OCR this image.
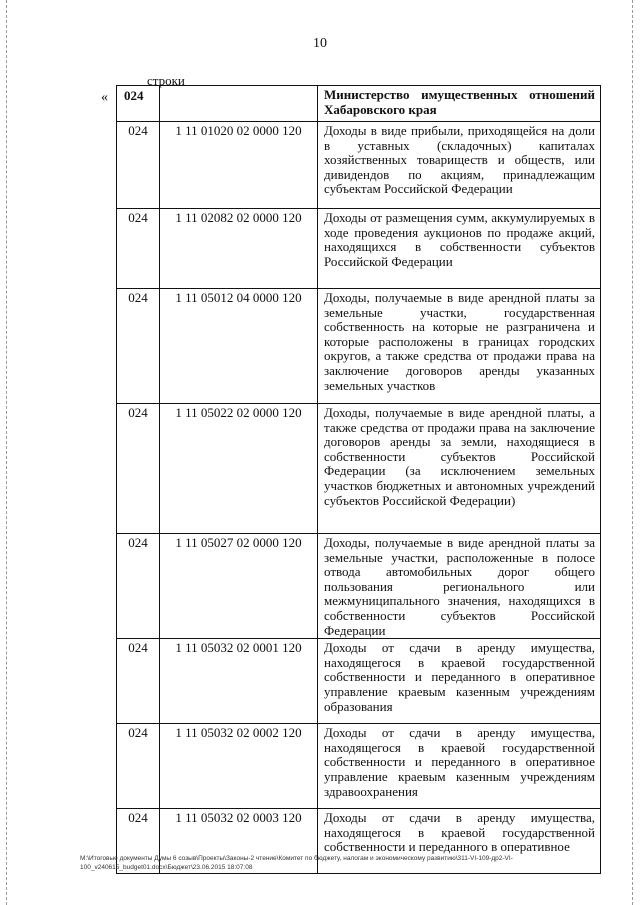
10
строки
« 024		Министерство имущественных отношений Хабаровского края
024	1 11 01020 02 0000 120	Доходы в виде прибыли, приходящейся на доли в уставных (складочных) капиталах хозяйственных товариществ и обществ, или дивидендов по акциям, принадлежащим субъектам Российской Федерации
024	1 11 02082 02 0000 120	Доходы от размещения сумм, аккумулируемых в ходе проведения аукционов по продаже акций, находящихся в собственности субъектов Российской Федерации
024	1 11 05012 04 0000 120	Доходы, получаемые в виде арендной платы за земельные участки, государственная собственность на которые не разграничена и которые расположены в границах городских округов, а также средства от продажи права на заключение договоров аренды указанных земельных участков
024	1 11 05022 02 0000 120	Доходы, получаемые в виде арендной платы, а также средства от продажи права на заключение договоров аренды за земли, находящиеся в собственности субъектов Российской Федерации (за исключением земельных участков бюджетных и автономных учреждений субъектов Российской Федерации)
024	1 11 05027 02 0000 120	Доходы, получаемые в виде арендной платы за земельные участки, расположенные в полосе отвода автомобильных дорог общего пользования регионального или межмуниципального значения, находящихся в собственности субъектов Российской Федерации
024	1 11 05032 02 0001 120	Доходы от сдачи в аренду имущества, находящегося в краевой государственной собственности и переданного в оперативное управление краевым казенным учреждениям образования
024	1 11 05032 02 0002 120	Доходы от сдачи в аренду имущества, находящегося в краевой государственной собственности и переданного в оперативное управление краевым казенным учреждениям здравоохранения
024	1 11 05032 02 0003 120	Доходы от сдачи в аренду имущества, находящегося в краевой государственной собственности и переданного в оперативное
M:\Итоговые документы Думы 6 созыв\Проекты\Законы-2 чтение\Комитет по бюджету, налогам и экономическому развитию\311-VI-109-др2-VI-100_v240615_budget01.docx\Бюджет\23.06.2015 18:07:08
